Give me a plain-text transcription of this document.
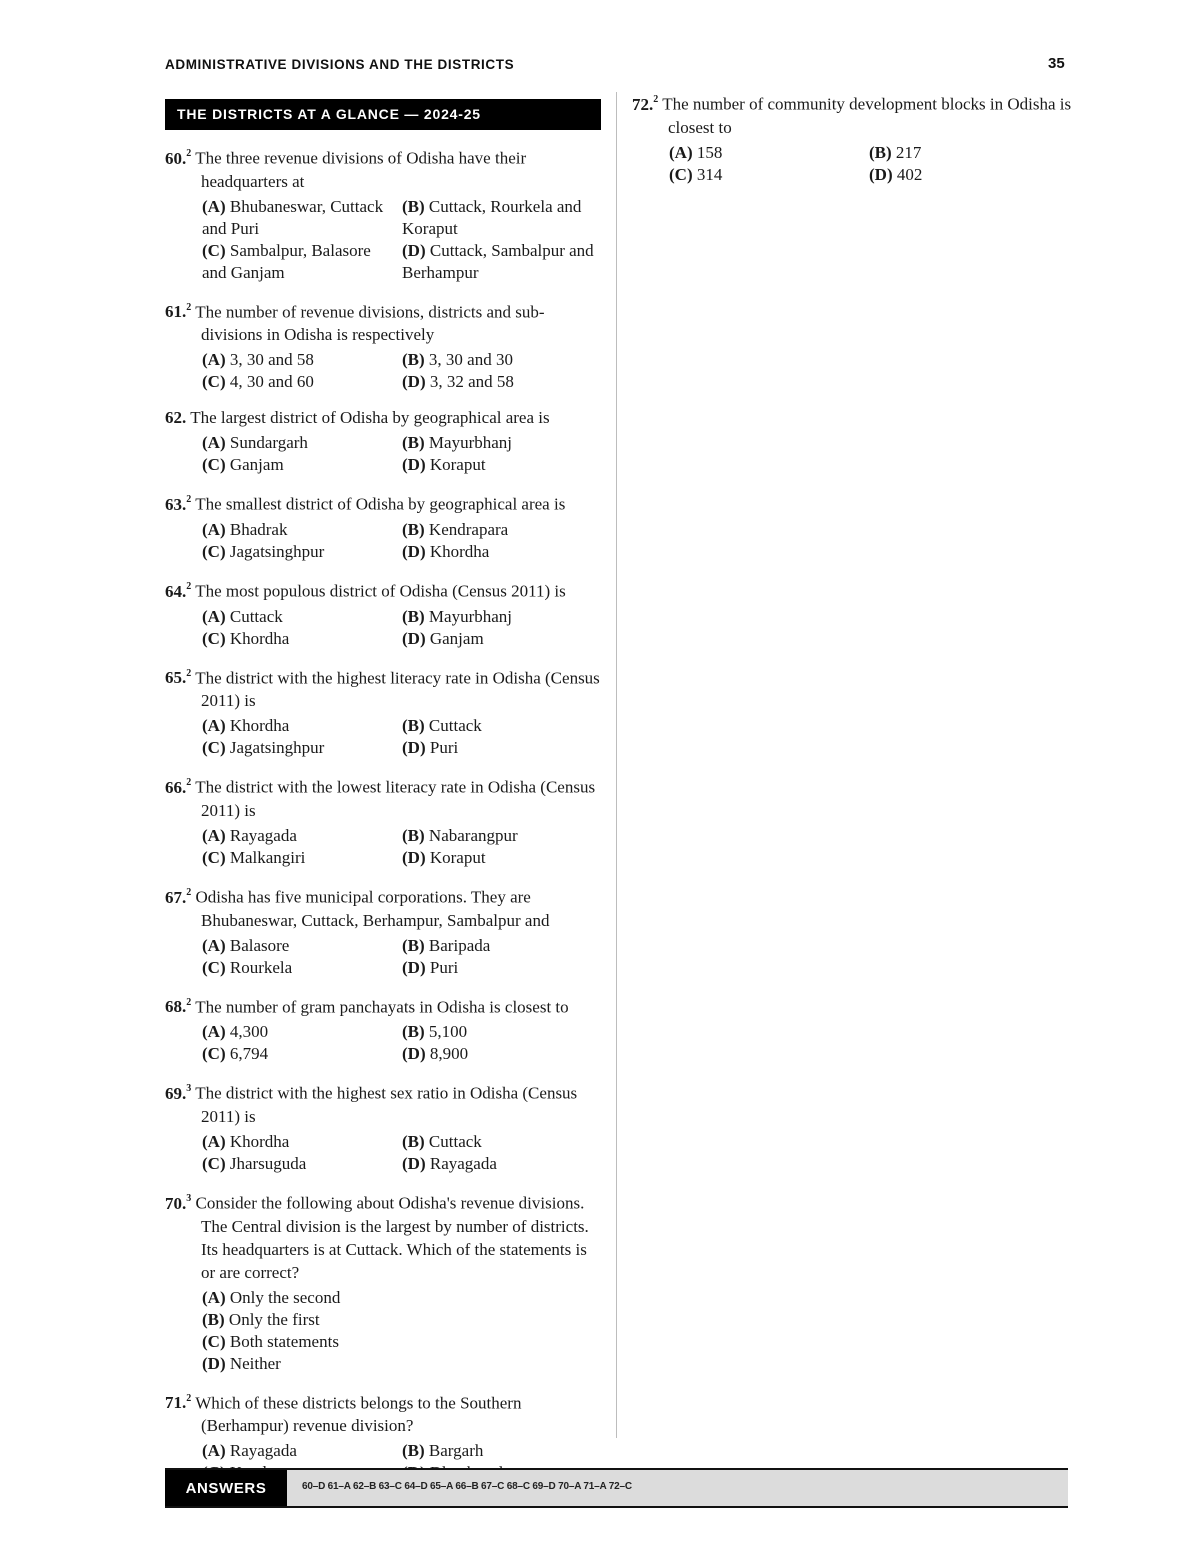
ADMINISTRATIVE DIVISIONS AND THE DISTRICTS	35
THE DISTRICTS AT A GLANCE — 2024-25
60.$^2$ The three revenue divisions of Odisha have their headquarters at
(A) Bhubaneswar, Cuttack and Puri
(B) Cuttack, Rourkela and Koraput
(C) Sambalpur, Balasore and Ganjam
(D) Cuttack, Sambalpur and Berhampur
61.$^2$ The number of revenue divisions, districts and sub-divisions in Odisha is respectively
(A) 3, 30 and 58	(B) 3, 30 and 30
(C) 4, 30 and 60	(D) 3, 32 and 58
62. The largest district of Odisha by geographical area is
(A) Sundargarh	(B) Mayurbhanj
(C) Ganjam	(D) Koraput
63.$^2$ The smallest district of Odisha by geographical area is
(A) Bhadrak	(B) Kendrapara
(C) Jagatsinghpur	(D) Khordha
64.$^2$ The most populous district of Odisha (Census 2011) is
(A) Cuttack	(B) Mayurbhanj
(C) Khordha	(D) Ganjam
65.$^2$ The district with the highest literacy rate in Odisha (Census 2011) is
(A) Khordha	(B) Cuttack
(C) Jagatsinghpur	(D) Puri
66.$^2$ The district with the lowest literacy rate in Odisha (Census 2011) is
(A) Rayagada	(B) Nabarangpur
(C) Malkangiri	(D) Koraput
67.$^2$ Odisha has five municipal corporations. They are Bhubaneswar, Cuttack, Berhampur, Sambalpur and
(A) Balasore	(B) Baripada
(C) Rourkela	(D) Puri
68.$^2$ The number of gram panchayats in Odisha is closest to
(A) 4,300	(B) 5,100
(C) 6,794	(D) 8,900
69.$^3$ The district with the highest sex ratio in Odisha (Census 2011) is
(A) Khordha	(B) Cuttack
(C) Jharsuguda	(D) Rayagada
70.$^3$ Consider the following about Odisha's revenue divisions. The Central division is the largest by number of districts. Its headquarters is at Cuttack. Which of the statements is or are correct?
(A) Only the second
(B) Only the first
(C) Both statements
(D) Neither
71.$^2$ Which of these districts belongs to the Southern (Berhampur) revenue division?
(A) Rayagada	(B) Bargarh
72.$^2$ The number of community development blocks in Odisha is closest to
(A) 158	(B) 217
(C) 314	(D) 402
ANSWERS	60–D 61–A 62–B 63–C 64–D 65–A 66–B 67–C 68–C 69–D 70–A 71–A 72–C
